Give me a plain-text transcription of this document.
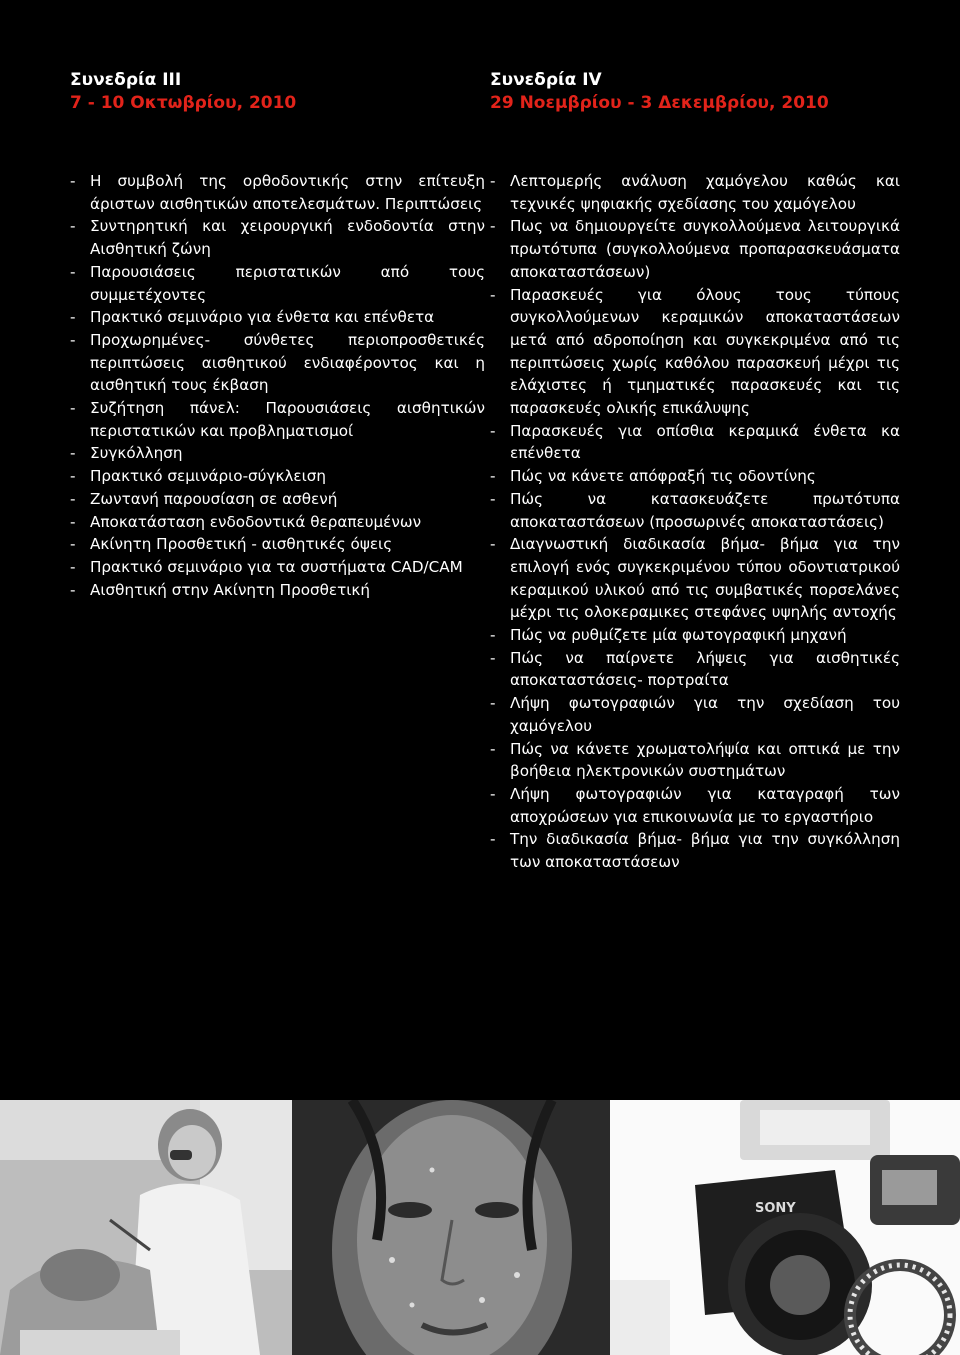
Συνεδρία ΙΙΙ
7 - 10 Οκτωβρίου, 2010
- Η συμβολή της ορθοδοντικής στην επίτευξη άριστων αισθητικών αποτελεσμάτων. Περιπτώσεις
- Συντηρητική και χειρουργική ενδοδοντία στην Αισθητική ζώνη
- Παρουσιάσεις περιστατικών από τους συμμετέχοντες
- Πρακτικό σεμινάριο για ένθετα και επένθετα
- Προχωρημένες- σύνθετες περιοπροσθετικές περιπτώσεις αισθητικού ενδιαφέροντος και η αισθητική τους έκβαση
- Συζήτηση πάνελ: Παρουσιάσεις αισθητικών περιστατικών και προβληματισμοί
- Συγκόλληση
- Πρακτικό σεμινάριο-σύγκλειση
- Ζωντανή παρουσίαση σε ασθενή
- Αποκατάσταση ενδοδοντικά θεραπευμένων
- Ακίνητη Προσθετική - αισθητικές όψεις
- Πρακτικό σεμινάριο για τα συστήματα CAD/CAM
- Αισθητική στην Ακίνητη Προσθετική
Συνεδρία IV
29 Νοεμβρίου - 3 Δεκεμβρίου, 2010
- Λεπτομερής ανάλυση χαμόγελου καθώς και τεχνικές ψηφιακής σχεδίασης του χαμόγελου
- Πως να δημιουργείτε συγκολλούμενα λειτουργικά πρωτότυπα (συγκολλούμενα προπαρασκευάσματα αποκαταστάσεων)
- Παρασκευές για όλους τους τύπους συγκολλούμενων κεραμικών αποκαταστάσεων μετά από αδροποίηση και συγκεκριμένα από τις περιπτώσεις χωρίς καθόλου παρασκευή μέχρι τις ελάχιστες ή τμηματικές παρασκευές και τις παρασκευές ολικής επικάλυψης
- Παρασκευές για οπίσθια κεραμικά ένθετα κα επένθετα
- Πώς να κάνετε απόφραξή τις οδοντίνης
- Πώς να κατασκευάζετε πρωτότυπα αποκαταστάσεων (προσωρινές αποκαταστάσεις)
- Διαγνωστική διαδικασία βήμα- βήμα για την επιλογή ενός συγκεκριμένου τύπου οδοντιατρικού κεραμικού υλικού από τις συμβατικές πορσελάνες μέχρι τις ολοκεραμικες στεφάνες υψηλής αντοχής
- Πώς να ρυθμίζετε μία φωτογραφική μηχανή
- Πώς να παίρνετε λήψεις για αισθητικές αποκαταστάσεις- πορτραίτα
- Λήψη φωτογραφιών για την σχεδίαση του χαμόγελου
- Πώς να κάνετε χρωματολήψία και οπτικά με την βοήθεια ηλεκτρονικών συστημάτων
- Λήψη φωτογραφιών για καταγραφή των αποχρώσεων για επικοινωνία με το εργαστήριο
- Την διαδικασία βήμα- βήμα για την συγκόλληση των αποκαταστάσεων
SONY
